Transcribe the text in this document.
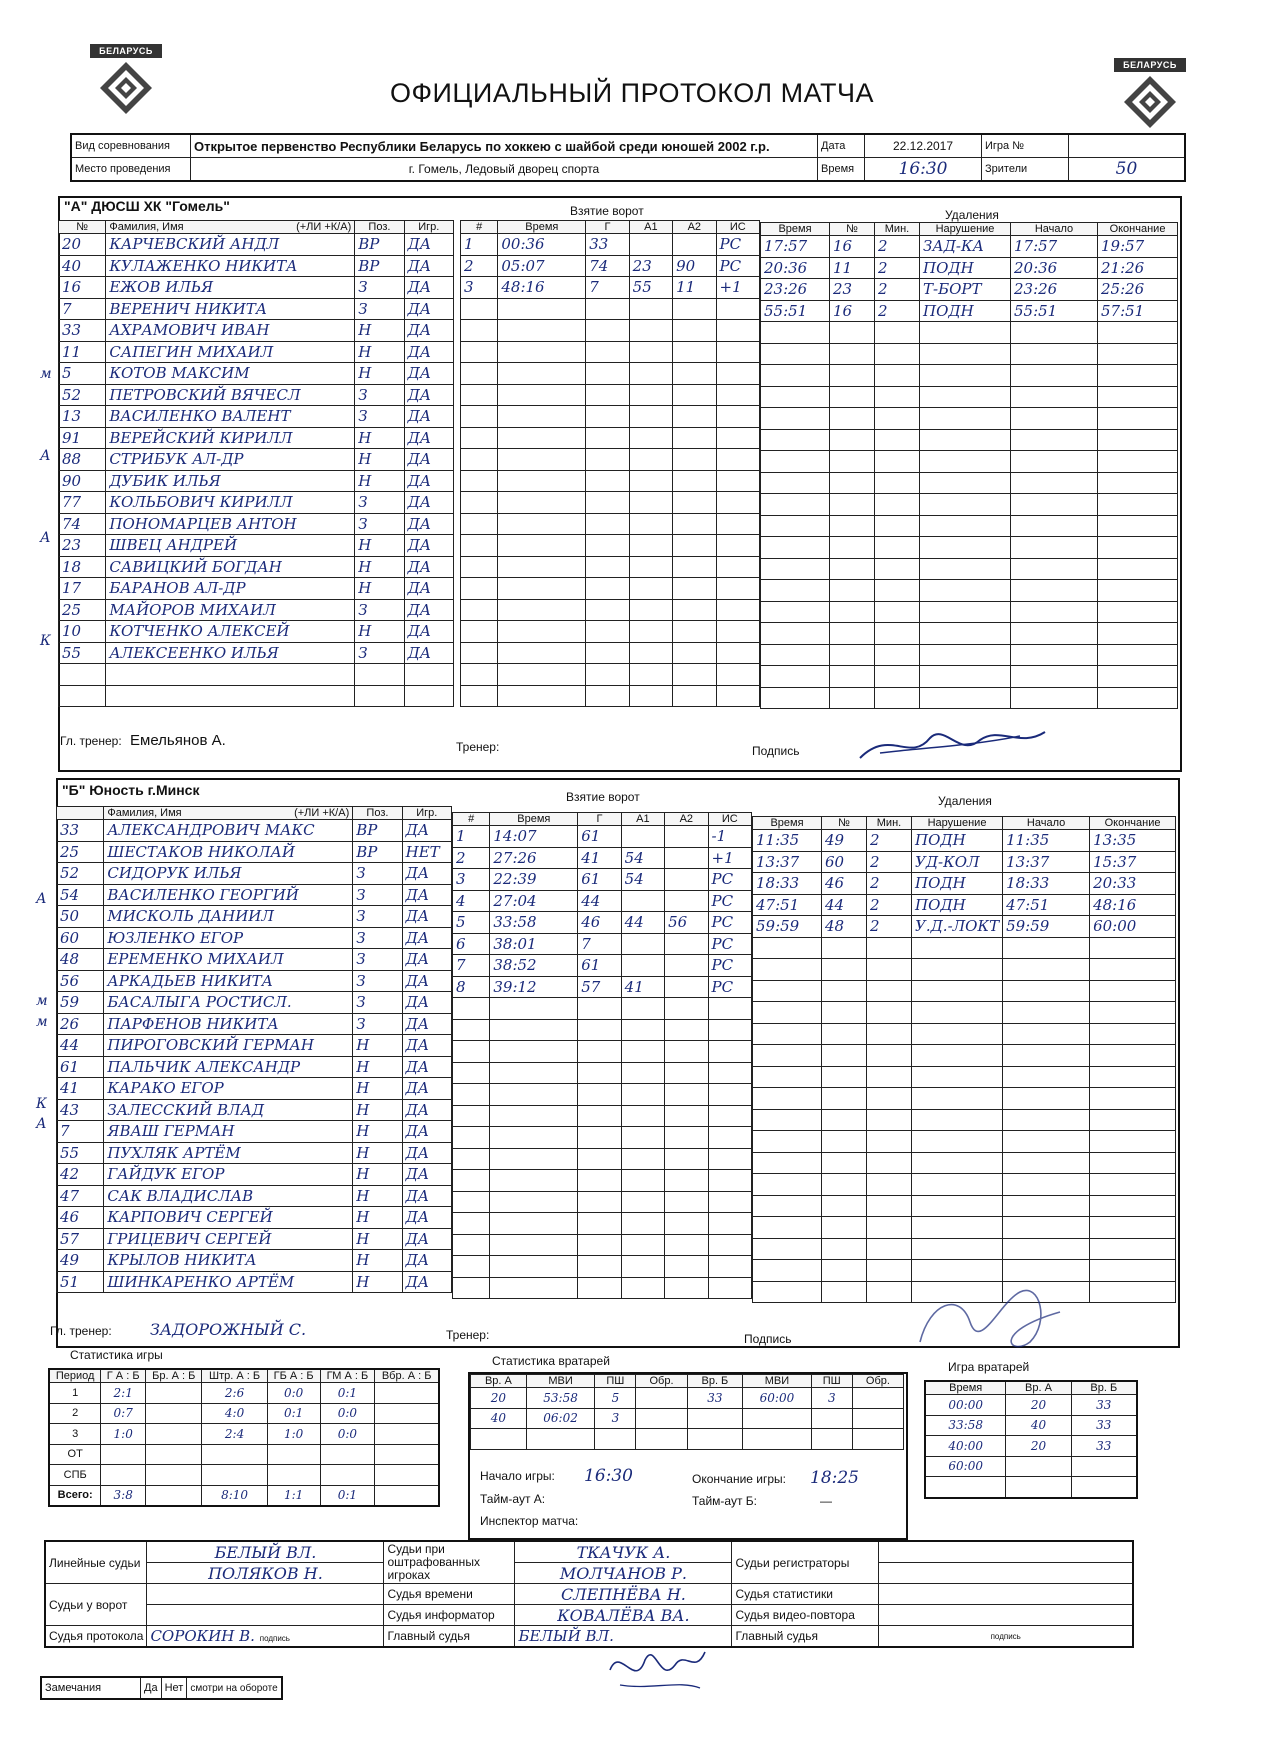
БЕЛАРУСЬ
БЕЛАРУСЬ
ОФИЦИАЛЬНЫЙ ПРОТОКОЛ МАТЧА
Вид соревнования	Открытое первенство Республики Беларусь по хоккею с шайбой среди юношей 2002 г.р.	Дата	22.12.2017	Игра №	
Место проведения	г. Гомель, Ледовый дворец спорта	Время	16:30	Зрители	50
"А" ДЮСШ ХК "Гомель"	Взятие ворот	Удаления
№	Фамилия, Имя (+ЛИ +К/А)	Поз.	Игр.
20	КАРЧЕВСКИЙ АНДЛ	ВР	ДА
40	КУЛАЖЕНКО НИКИТА	ВР	ДА
16	ЕЖОВ ИЛЬЯ	З	ДА
7	ВЕРЕНИЧ НИКИТА	З	ДА
33	АХРАМОВИЧ ИВАН	Н	ДА
11	САПЕГИН МИХАИЛ	Н	ДА
5	КОТОВ МАКСИМ	Н	ДА
52	ПЕТРОВСКИЙ ВЯЧЕСЛ	З	ДА
13	ВАСИЛЕНКО ВАЛЕНТ	З	ДА
91	ВЕРЕЙСКИЙ КИРИЛЛ	Н	ДА
88	СТРИБУК АЛ-ДР	Н	ДА
90	ДУБИК ИЛЬЯ	Н	ДА
77	КОЛЬБОВИЧ КИРИЛЛ	З	ДА
74	ПОНОМАРЦЕВ АНТОН	З	ДА
23	ШВЕЦ АНДРЕЙ	Н	ДА
18	САВИЦКИЙ БОГДАН	Н	ДА
17	БАРАНОВ АЛ-ДР	Н	ДА
25	МАЙОРОВ МИХАИЛ	З	ДА
10	КОТЧЕНКО АЛЕКСЕЙ	Н	ДА
55	АЛЕКСЕЕНКО ИЛЬЯ	З	ДА

#	Время	Г	A1	A2	ИС
1	00:36	33			РС
2	05:07	74	23	90	РС
3	48:16	7	55	11	+1

Время	№	Мин.	Нарушение	Начало	Окончание
17:57	16	2	ЗАД-КА	17:57	19:57
20:36	11	2	ПОДН	20:36	21:26
23:26	23	2	Т-БОРТ	23:26	25:26
55:51	16	2	ПОДН	55:51	57:51

Гл. тренер: Емельянов А.	Тренер:	Подпись
"Б" Юность г.Минск	Взятие ворот	Удаления
	Фамилия, Имя (+ЛИ +К/А)	Поз.	Игр.
33	АЛЕКСАНДРОВИЧ МАКС	ВР	ДА
25	ШЕСТАКОВ НИКОЛАЙ	ВР	НЕТ
52	СИДОРУК ИЛЬЯ	З	ДА
54	ВАСИЛЕНКО ГЕОРГИЙ	З	ДА
50	МИСКОЛЬ ДАНИИЛ	З	ДА
60	ЮЗЛЕНКО ЕГОР	З	ДА
48	ЕРЕМЕНКО МИХАИЛ	З	ДА
56	АРКАДЬЕВ НИКИТА	З	ДА
59	БАСАЛЫГА РОСТИСЛ.	З	ДА
26	ПАРФЕНОВ НИКИТА	З	ДА
44	ПИРОГОВСКИЙ ГЕРМАН	Н	ДА
61	ПАЛЬЧИК АЛЕКСАНДР	Н	ДА
41	КАРАКО ЕГОР	Н	ДА
43	ЗАЛЕССКИЙ ВЛАД	Н	ДА
7	ЯВАШ ГЕРМАН	Н	ДА
55	ПУХЛЯК АРТЁМ	Н	ДА
42	ГАЙДУК ЕГОР	Н	ДА
47	САК ВЛАДИСЛАВ	Н	ДА
46	КАРПОВИЧ СЕРГЕЙ	Н	ДА
57	ГРИЦЕВИЧ СЕРГЕЙ	Н	ДА
49	КРЫЛОВ НИКИТА	Н	ДА
51	ШИНКАРЕНКО АРТЁМ	Н	ДА
#	Время	Г	A1	A2	ИС
1	14:07	61			-1
2	27:26	41	54		+1
3	22:39	61	54		РС
4	27:04	44			РС
5	33:58	46	44	56	РС
6	38:01	7			РС
7	38:52	61			РС
8	39:12	57	41		РС

Время	№	Мин.	Нарушение	Начало	Окончание
11:35	49	2	ПОДН	11:35	13:35
13:37	60	2	УД-КОЛ	13:37	15:37
18:33	46	2	ПОДН	18:33	20:33
47:51	44	2	ПОДН	47:51	48:16
59:59	48	2	У.Д.-ЛОКТ	59:59	60:00

Гл. тренер: ЗАДОРОЖНЫЙ С.	Тренер:	Подпись
Статистика игры
Период	Г А : Б	Бр. А : Б	Штр. А : Б	ГБ А : Б	ГМ А : Б	Вбр. А : Б
1	2:1		2:6	0:0	0:1	
2	0:7		4:0	0:1	0:0	
3	1:0		2:4	1:0	0:0	
ОТ						
СПБ						
Всего:	3:8		8:10	1:1	0:1	
Статистика вратарей
Вр. А	МВИ	ПШ	Обр.	Вр. Б	МВИ	ПШ	Обр.
20	53:58	5		33	60:00	3	
40	06:02	3					

Начало игры: 16:30	Окончание игры: 18:25
Тайм-аут А:	Тайм-аут Б:	—
Инспектор матча:
Игра вратарей
Время	Вр. А	Вр. Б
00:00	20	33
33:58	40	33
40:00	20	33
60:00		

Линейные судьи	БЕЛЫЙ ВЛ.	Судьи при оштрафованных игроках	ТКАЧУК А.	Судьи регистраторы	
	ПОЛЯКОВ Н.		МОЛЧАНОВ Р.		
Судьи у ворот		Судья времени	СЛЕПНЁВА Н.	Судья статистики	
		Судья информатор	КОВАЛЁВА ВА.	Судья видео-повтора	
Судья протокола	СОРОКИН В. подпись	Главный судья	БЕЛЫЙ ВЛ.	Главный судья	подпись
Замечания	Да	Нет	смотри на обороте
м
А
А
К
А
м
м
К
А
